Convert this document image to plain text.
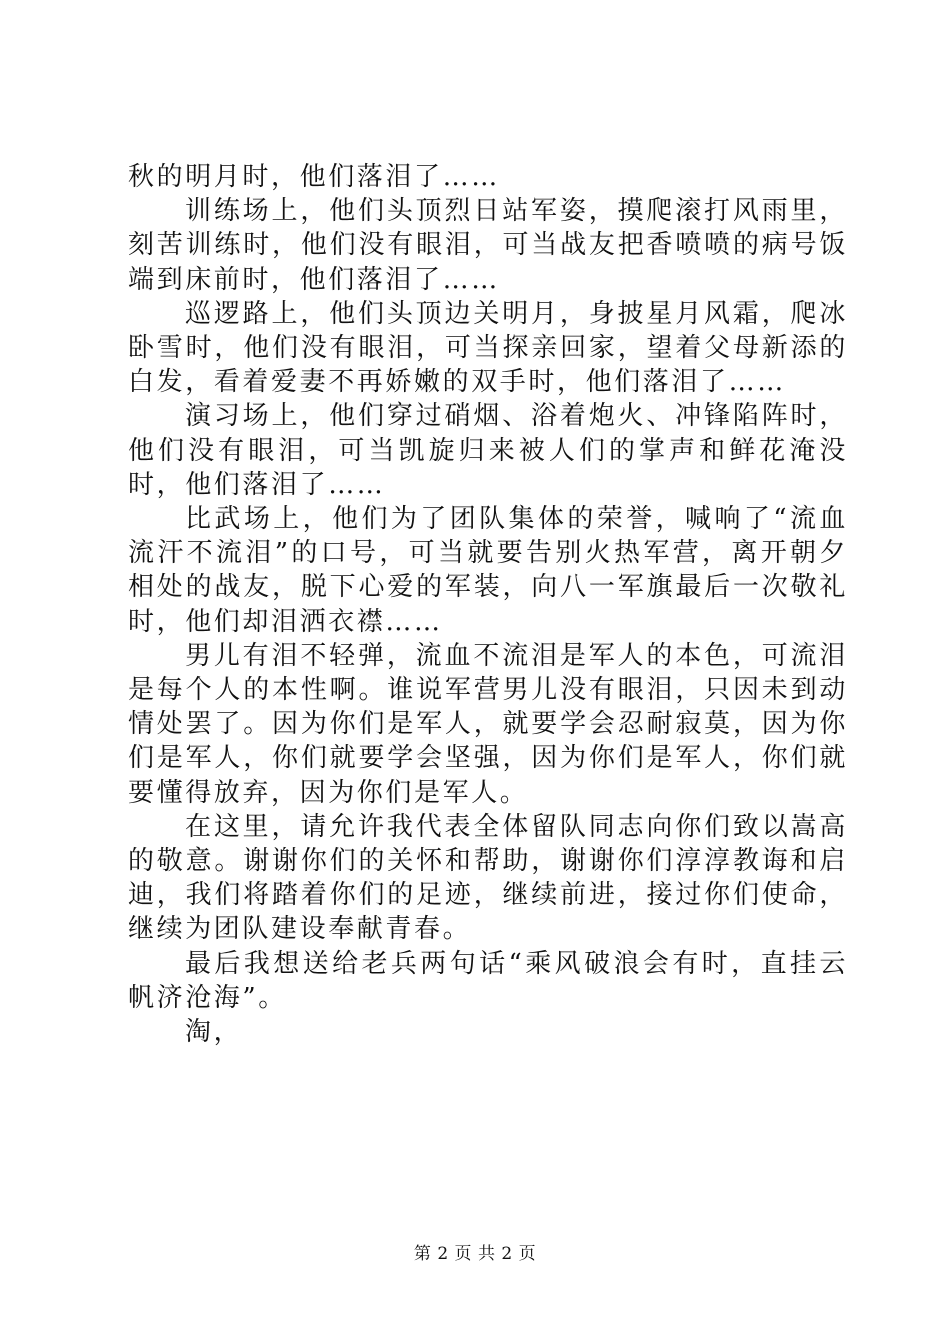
秋的明月时，他们落泪了……

训练场上，他们头顶烈日站军姿，摸爬滚打风雨里，刻苦训练时，他们没有眼泪，可当战友把香喷喷的病号饭端到床前时，他们落泪了……

巡逻路上，他们头顶边关明月，身披星月风霜，爬冰卧雪时，他们没有眼泪，可当探亲回家，望着父母新添的白发，看着爱妻不再娇嫩的双手时，他们落泪了……

演习场上，他们穿过硝烟、浴着炮火、冲锋陷阵时，他们没有眼泪，可当凯旋归来被人们的掌声和鲜花淹没时，他们落泪了……

比武场上，他们为了团队集体的荣誉，喊响了“流血流汗不流泪”的口号，可当就要告别火热军营，离开朝夕相处的战友，脱下心爱的军装，向八一军旗最后一次敬礼时，他们却泪洒衣襟……

男儿有泪不轻弹，流血不流泪是军人的本色，可流泪是每个人的本性啊。谁说军营男儿没有眼泪，只因未到动情处罢了。因为你们是军人，就要学会忍耐寂莫，因为你们是军人，你们就要学会坚强，因为你们是军人，你们就要懂得放弃，因为你们是军人。

在这里，请允许我代表全体留队同志向你们致以嵩高的敬意。谢谢你们的关怀和帮助，谢谢你们淳淳教诲和启迪，我们将踏着你们的足迹，继续前进，接过你们使命，继续为团队建设奉献青春。

最后我想送给老兵两句话“乘风破浪会有时，直挂云帆济沧海”。

淘，

第 2 页 共 2 页
